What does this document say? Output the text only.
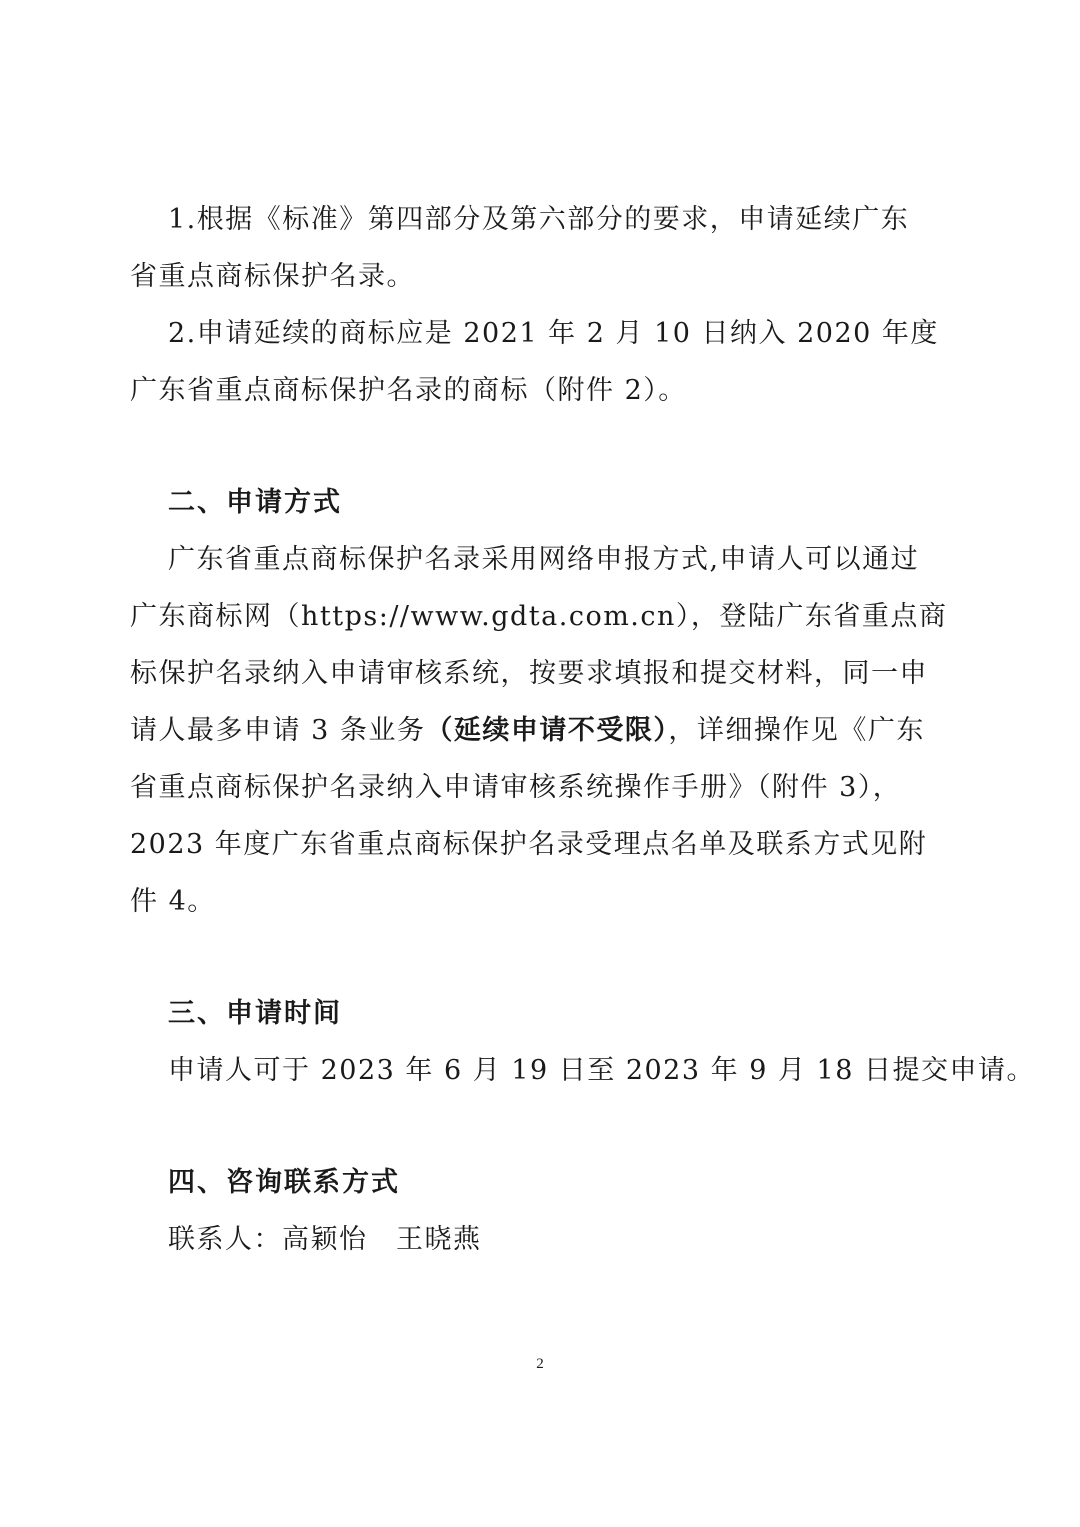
1.根据《标准》第四部分及第六部分的要求，申请延续广东
省重点商标保护名录。
2.申请延续的商标应是 2021 年 2 月 10 日纳入 2020 年度
广东省重点商标保护名录的商标（附件 2）。
二、申请方式
广东省重点商标保护名录采用网络申报方式,申请人可以通过
广东商标网（https://www.gdta.com.cn），登陆广东省重点商
标保护名录纳入申请审核系统，按要求填报和提交材料，同一申
请人最多申请 3 条业务（延续申请不受限），详细操作见《广东
省重点商标保护名录纳入申请审核系统操作手册》（附件 3），
2023 年度广东省重点商标保护名录受理点名单及联系方式见附
件 4。
三、申请时间
申请人可于 2023 年 6 月 19 日至 2023 年 9 月 18 日提交申请。
四、咨询联系方式
联系人：高颖怡　王晓燕
2
